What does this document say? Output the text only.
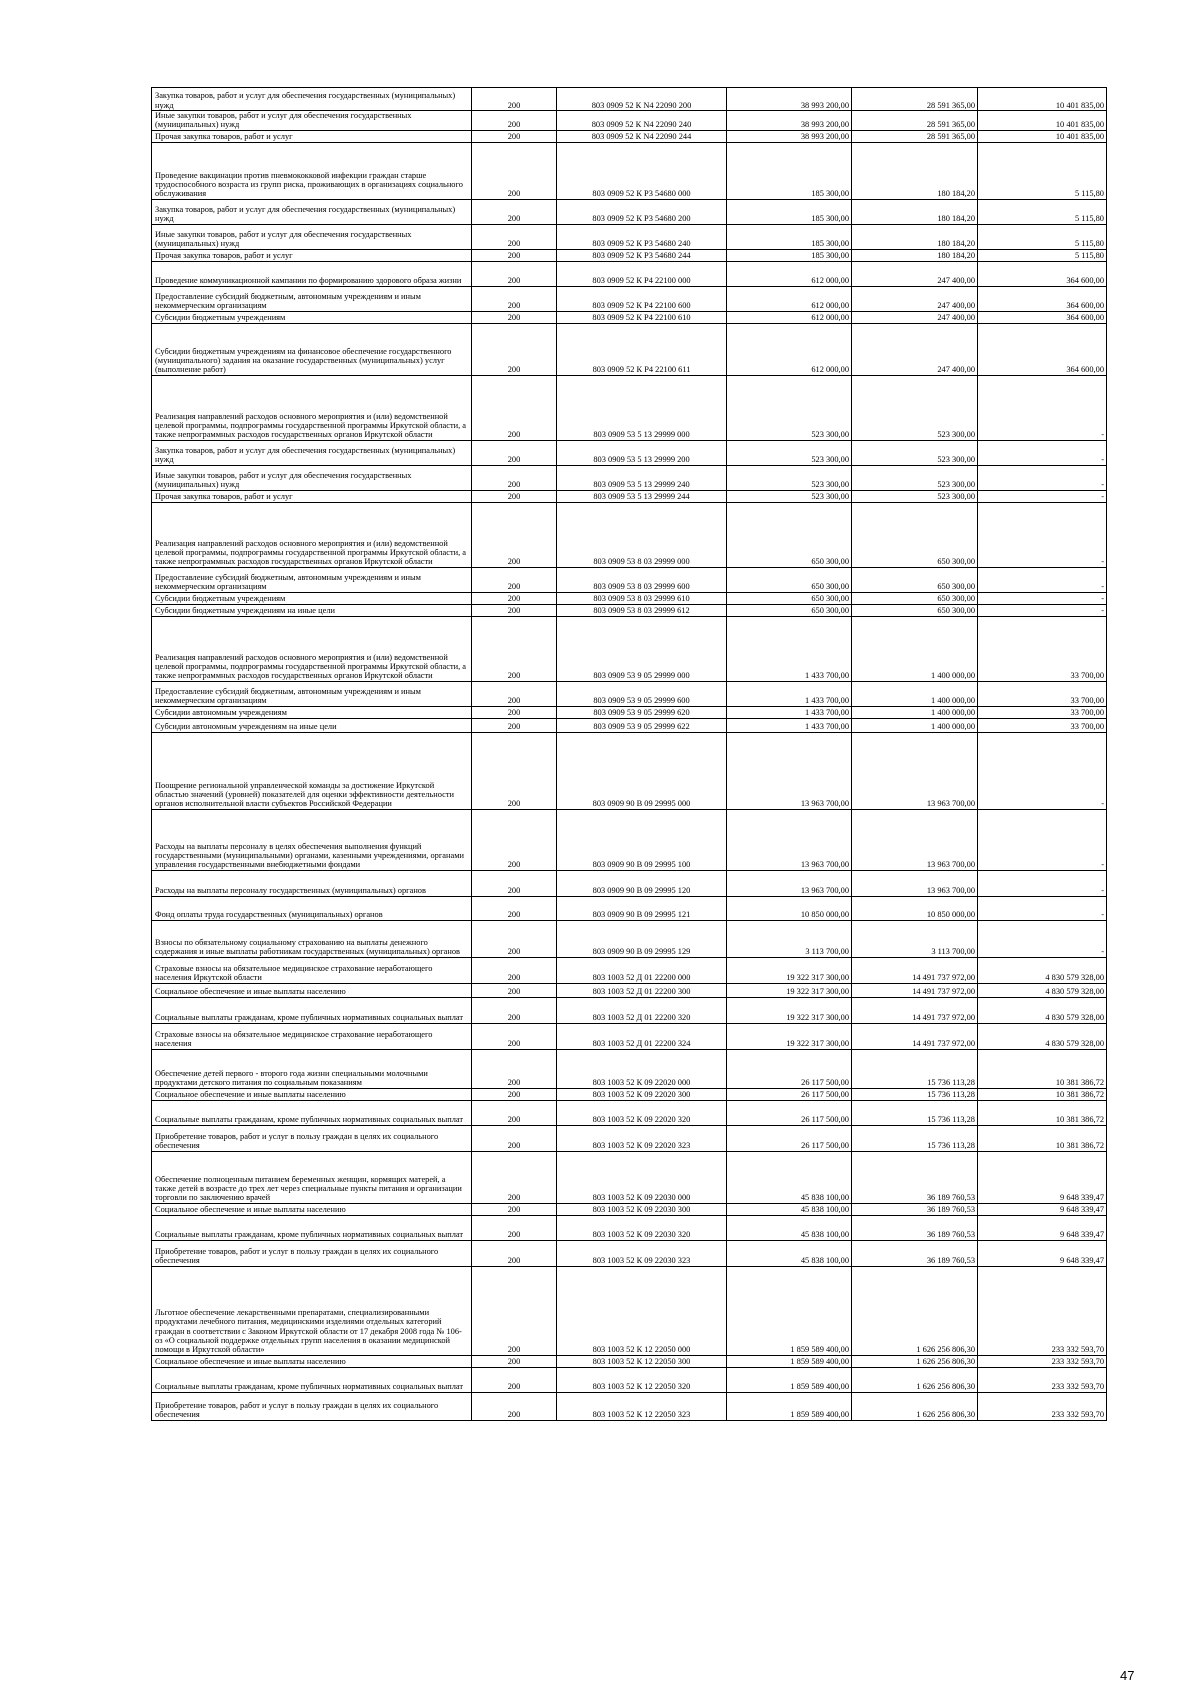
Закупка товаров, работ и услуг для обеспечения государственных (муниципальных) нужд	200	803 0909 52 К N4 22090 200	38 993 200,00	28 591 365,00	10 401 835,00
Иные закупки товаров, работ и услуг для обеспечения государственных (муниципальных) нужд	200	803 0909 52 К N4 22090 240	38 993 200,00	28 591 365,00	10 401 835,00
Прочая закупка товаров, работ и услуг	200	803 0909 52 К N4 22090 244	38 993 200,00	28 591 365,00	10 401 835,00
Проведение вакцинации против пневмококковой инфекции граждан старше трудоспособного возраста из групп риска, проживающих в организациях социального обслуживания	200	803 0909 52 К Р3 54680 000	185 300,00	180 184,20	5 115,80
Закупка товаров, работ и услуг для обеспечения государственных (муниципальных) нужд	200	803 0909 52 К Р3 54680 200	185 300,00	180 184,20	5 115,80
Иные закупки товаров, работ и услуг для обеспечения государственных (муниципальных) нужд	200	803 0909 52 К Р3 54680 240	185 300,00	180 184,20	5 115,80
Прочая закупка товаров, работ и услуг	200	803 0909 52 К Р3 54680 244	185 300,00	180 184,20	5 115,80
Проведение коммуникационной кампании по формированию здорового образа жизни	200	803 0909 52 К Р4 22100 000	612 000,00	247 400,00	364 600,00
Предоставление субсидий бюджетным, автономным учреждениям и иным некоммерческим организациям	200	803 0909 52 К Р4 22100 600	612 000,00	247 400,00	364 600,00
Субсидии бюджетным учреждениям	200	803 0909 52 К Р4 22100 610	612 000,00	247 400,00	364 600,00
Субсидии бюджетным учреждениям на финансовое обеспечение государственного (муниципального) задания на оказание государственных (муниципальных) услуг (выполнение работ)	200	803 0909 52 К Р4 22100 611	612 000,00	247 400,00	364 600,00
Реализация направлений расходов основного мероприятия и (или) ведомственной целевой программы, подпрограммы государственной программы Иркутской области, а также непрограммных расходов государственных органов Иркутской области	200	803 0909 53 5 13 29999 000	523 300,00	523 300,00	-
Закупка товаров, работ и услуг для обеспечения государственных (муниципальных) нужд	200	803 0909 53 5 13 29999 200	523 300,00	523 300,00	-
Иные закупки товаров, работ и услуг для обеспечения государственных (муниципальных) нужд	200	803 0909 53 5 13 29999 240	523 300,00	523 300,00	-
Прочая закупка товаров, работ и услуг	200	803 0909 53 5 13 29999 244	523 300,00	523 300,00	-
Реализация направлений расходов основного мероприятия и (или) ведомственной целевой программы, подпрограммы государственной программы Иркутской области, а также непрограммных расходов государственных органов Иркутской области	200	803 0909 53 8 03 29999 000	650 300,00	650 300,00	-
Предоставление субсидий бюджетным, автономным учреждениям и иным некоммерческим организациям	200	803 0909 53 8 03 29999 600	650 300,00	650 300,00	-
Субсидии бюджетным учреждениям	200	803 0909 53 8 03 29999 610	650 300,00	650 300,00	-
Субсидии бюджетным учреждениям на иные цели	200	803 0909 53 8 03 29999 612	650 300,00	650 300,00	-
Реализация направлений расходов основного мероприятия и (или) ведомственной целевой программы, подпрограммы государственной программы Иркутской области, а также непрограммных расходов государственных органов Иркутской области	200	803 0909 53 9 05 29999 000	1 433 700,00	1 400 000,00	33 700,00
Предоставление субсидий бюджетным, автономным учреждениям и иным некоммерческим организациям	200	803 0909 53 9 05 29999 600	1 433 700,00	1 400 000,00	33 700,00
Субсидии автономным учреждениям	200	803 0909 53 9 05 29999 620	1 433 700,00	1 400 000,00	33 700,00
Субсидии автономным учреждениям на иные цели	200	803 0909 53 9 05 29999 622	1 433 700,00	1 400 000,00	33 700,00
Поощрение региональной управленческой команды за достижение Иркутской областью значений (уровней) показателей для оценки эффективности деятельности органов исполнительной власти субъектов Российской Федерации	200	803 0909 90 В 09 29995 000	13 963 700,00	13 963 700,00	-
Расходы на выплаты персоналу в целях обеспечения выполнения функций государственными (муниципальными) органами, казенными учреждениями, органами управления государственными внебюджетными фондами	200	803 0909 90 В 09 29995 100	13 963 700,00	13 963 700,00	-
Расходы на выплаты персоналу государственных (муниципальных) органов	200	803 0909 90 В 09 29995 120	13 963 700,00	13 963 700,00	-
Фонд оплаты труда государственных (муниципальных) органов	200	803 0909 90 В 09 29995 121	10 850 000,00	10 850 000,00	-
Взносы по обязательному социальному страхованию на выплаты денежного содержания и иные выплаты работникам государственных (муниципальных) органов	200	803 0909 90 В 09 29995 129	3 113 700,00	3 113 700,00	-
Страховые взносы на обязательное медицинское страхование неработающего населения Иркутской области	200	803 1003 52 Д 01 22200 000	19 322 317 300,00	14 491 737 972,00	4 830 579 328,00
Социальное обеспечение и иные выплаты населению	200	803 1003 52 Д 01 22200 300	19 322 317 300,00	14 491 737 972,00	4 830 579 328,00
Социальные выплаты гражданам, кроме публичных нормативных социальных выплат	200	803 1003 52 Д 01 22200 320	19 322 317 300,00	14 491 737 972,00	4 830 579 328,00
Страховые взносы на обязательное медицинское страхование неработающего населения	200	803 1003 52 Д 01 22200 324	19 322 317 300,00	14 491 737 972,00	4 830 579 328,00
Обеспечение детей первого - второго года жизни специальными молочными продуктами детского питания по социальным показаниям	200	803 1003 52 К 09 22020 000	26 117 500,00	15 736 113,28	10 381 386,72
Социальное обеспечение и иные выплаты населению	200	803 1003 52 К 09 22020 300	26 117 500,00	15 736 113,28	10 381 386,72
Социальные выплаты гражданам, кроме публичных нормативных социальных выплат	200	803 1003 52 К 09 22020 320	26 117 500,00	15 736 113,28	10 381 386,72
Приобретение товаров, работ и услуг в пользу граждан в целях их социального обеспечения	200	803 1003 52 К 09 22020 323	26 117 500,00	15 736 113,28	10 381 386,72
Обеспечение полноценным питанием беременных женщин, кормящих матерей, а также детей в возрасте до трех лет через специальные пункты питания и организации торговли по заключению врачей	200	803 1003 52 К 09 22030 000	45 838 100,00	36 189 760,53	9 648 339,47
Социальное обеспечение и иные выплаты населению	200	803 1003 52 К 09 22030 300	45 838 100,00	36 189 760,53	9 648 339,47
Социальные выплаты гражданам, кроме публичных нормативных социальных выплат	200	803 1003 52 К 09 22030 320	45 838 100,00	36 189 760,53	9 648 339,47
Приобретение товаров, работ и услуг в пользу граждан в целях их социального обеспечения	200	803 1003 52 К 09 22030 323	45 838 100,00	36 189 760,53	9 648 339,47
Льготное обеспечение лекарственными препаратами, специализированными продуктами лечебного питания, медицинскими изделиями отдельных категорий граждан в соответствии с Законом Иркутской области от 17 декабря 2008 года № 106-оз «О социальной поддержке отдельных групп населения в оказании медицинской помощи в Иркутской области»	200	803 1003 52 К 12 22050 000	1 859 589 400,00	1 626 256 806,30	233 332 593,70
Социальное обеспечение и иные выплаты населению	200	803 1003 52 К 12 22050 300	1 859 589 400,00	1 626 256 806,30	233 332 593,70
Социальные выплаты гражданам, кроме публичных нормативных социальных выплат	200	803 1003 52 К 12 22050 320	1 859 589 400,00	1 626 256 806,30	233 332 593,70
Приобретение товаров, работ и услуг в пользу граждан в целях их социального обеспечения	200	803 1003 52 К 12 22050 323	1 859 589 400,00	1 626 256 806,30	233 332 593,70
47
